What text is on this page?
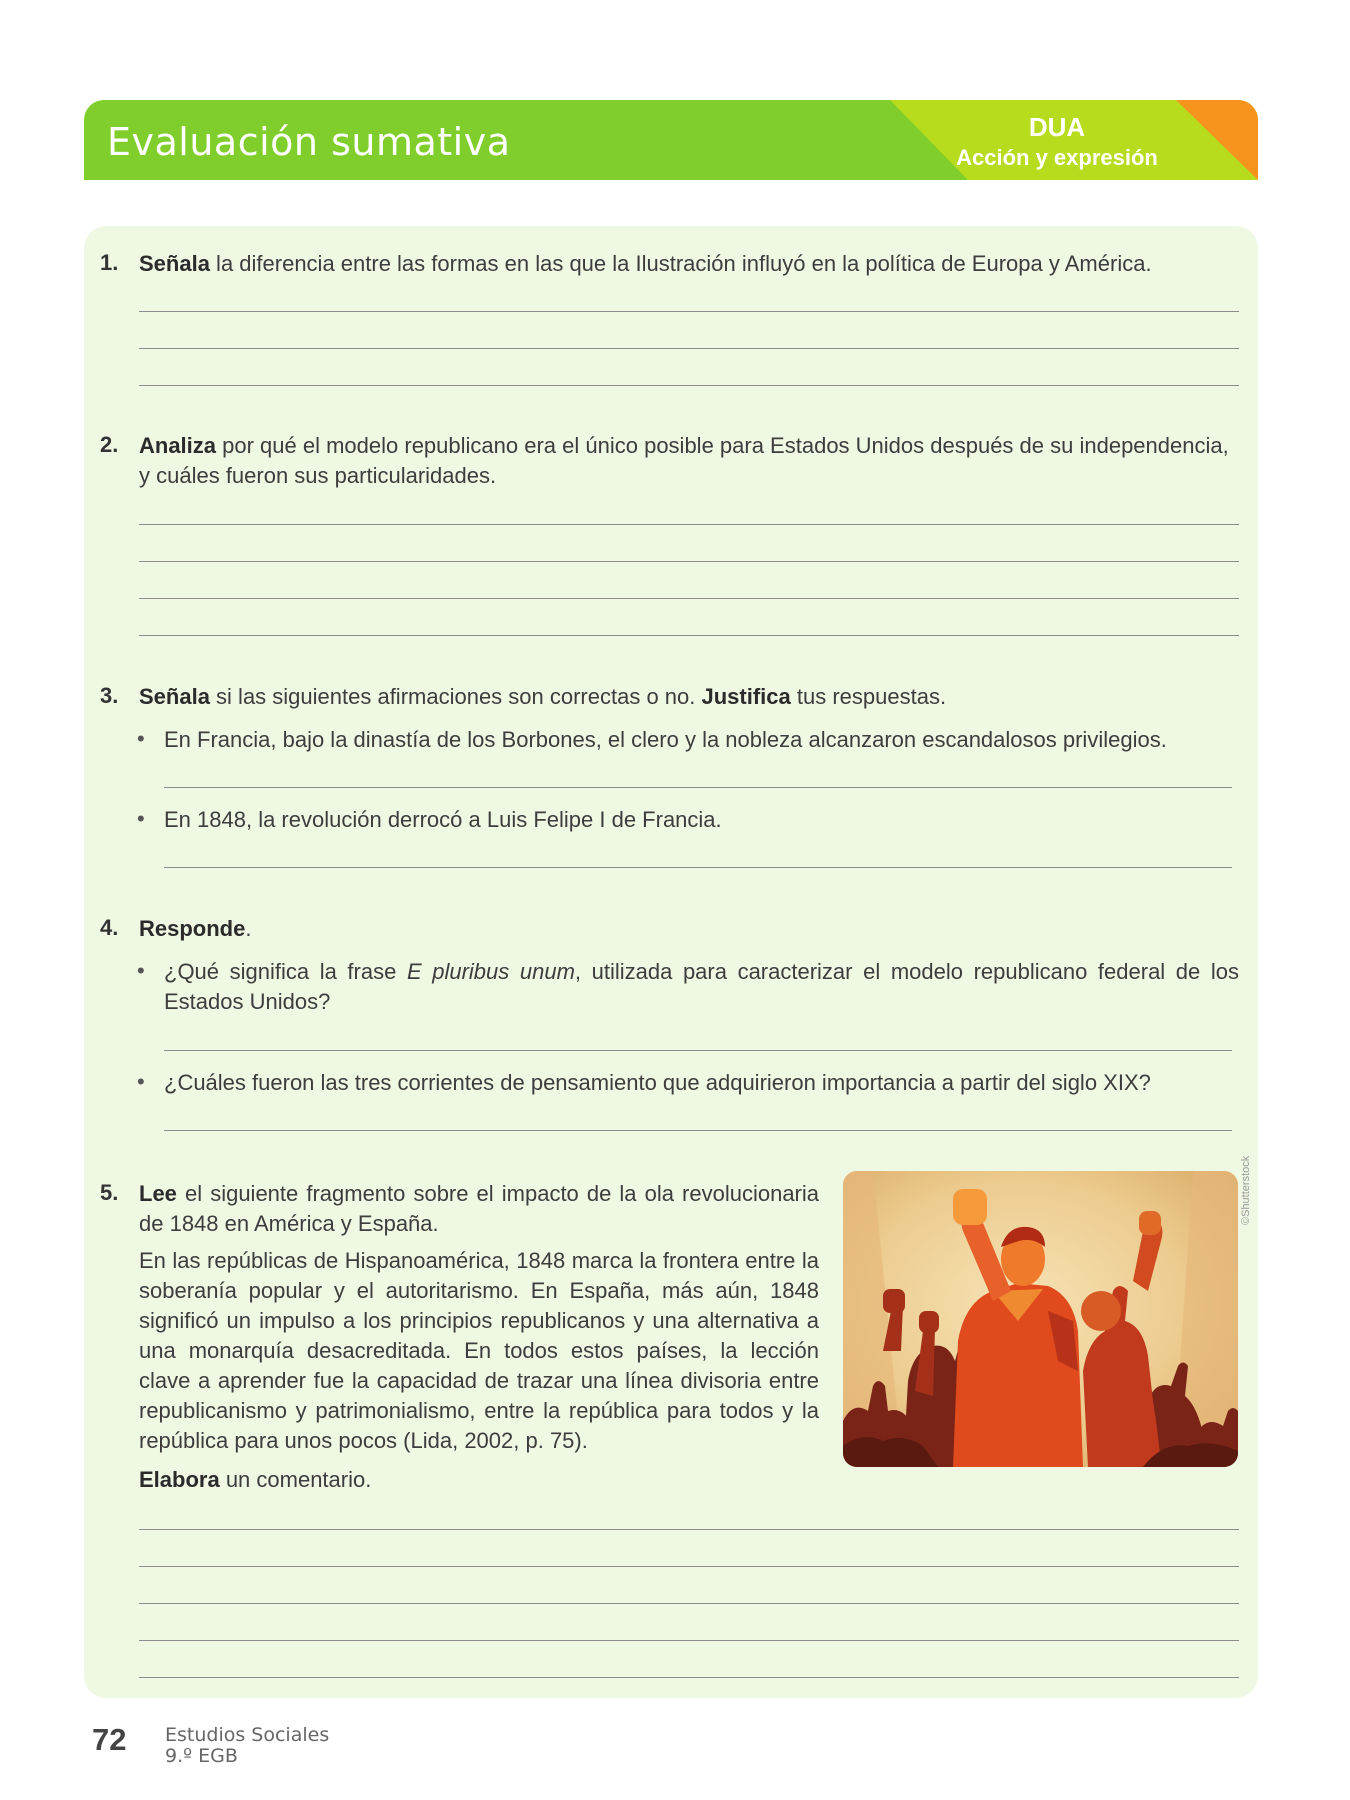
Evaluación sumativa	DUA
Acción y expresión
1. Señala la diferencia entre las formas en las que la Ilustración influyó en la política de Europa y América.
2. Analiza por qué el modelo republicano era el único posible para Estados Unidos después de su independencia, y cuáles fueron sus particularidades.
3. Señala si las siguientes afirmaciones son correctas o no. Justifica tus respuestas.
• En Francia, bajo la dinastía de los Borbones, el clero y la nobleza alcanzaron escandalosos privilegios.
• En 1848, la revolución derrocó a Luis Felipe I de Francia.
4. Responde.
• ¿Qué significa la frase E pluribus unum, utilizada para caracterizar el modelo republicano federal de los Estados Unidos?
• ¿Cuáles fueron las tres corrientes de pensamiento que adquirieron importancia a partir del siglo XIX?
5. Lee el siguiente fragmento sobre el impacto de la ola revolucionaria de 1848 en América y España.
En las repúblicas de Hispanoamérica, 1848 marca la frontera entre la soberanía popular y el autoritarismo. En España, más aún, 1848 significó un impulso a los principios republicanos y una alternativa a una monarquía desacreditada. En todos estos países, la lección clave a aprender fue la capacidad de trazar una línea divisoria entre republicanismo y patrimonialismo, entre la república para todos y la república para unos pocos (Lida, 2002, p. 75).
Elabora un comentario.
©Shutterstock
72 Estudios Sociales
9.º EGB
